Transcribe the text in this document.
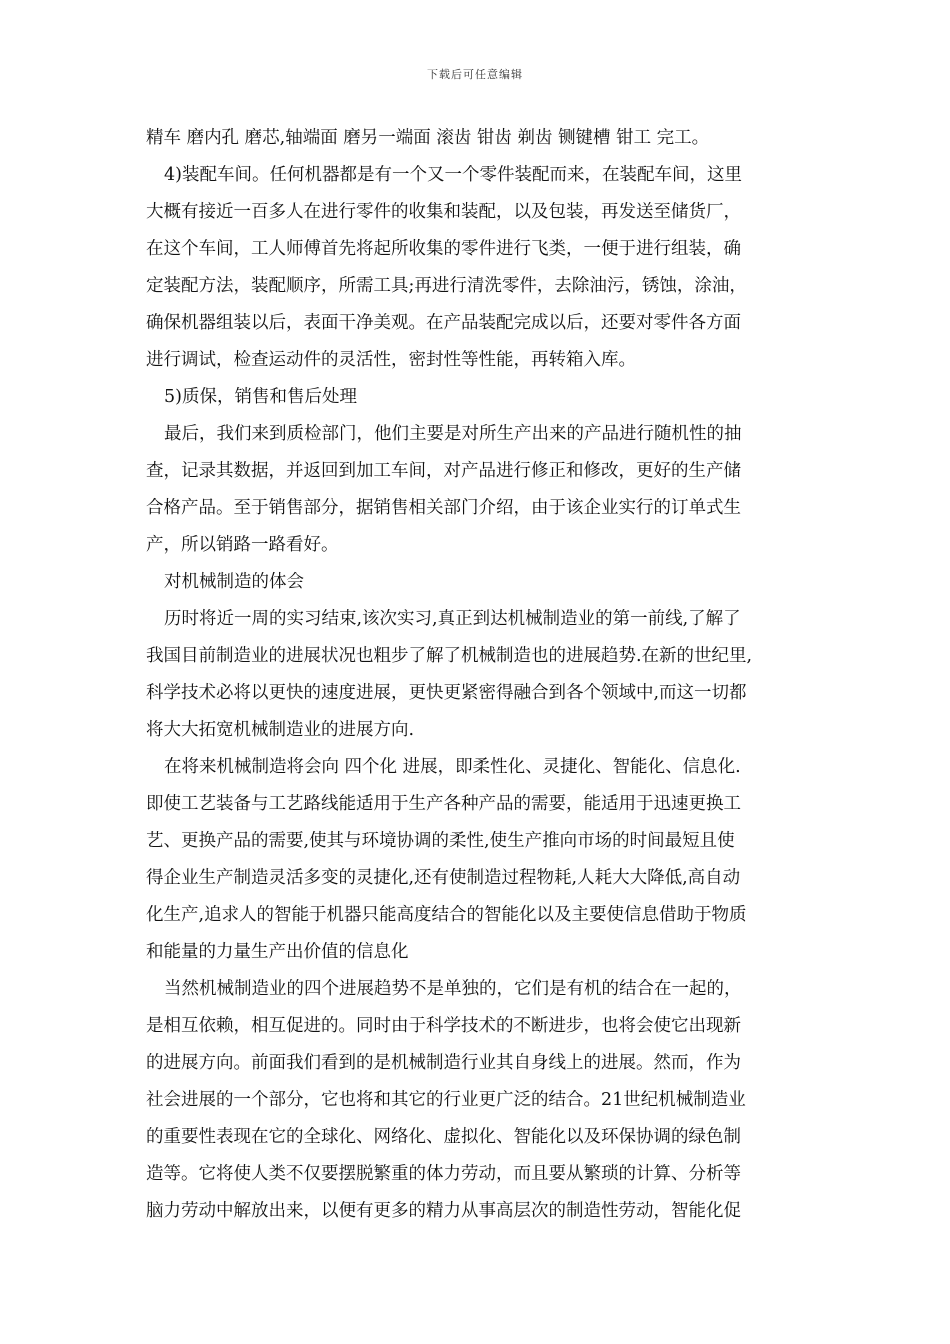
下载后可任意编辑
精车 磨内孔 磨芯,轴端面 磨另一端面 滚齿 钳齿 剃齿 铡键槽 钳工 完工。
4)装配车间。任何机器都是有一个又一个零件装配而来，在装配车间，这里
大概有接近一百多人在进行零件的收集和装配，以及包装，再发送至储货厂，
在这个车间，工人师傅首先将起所收集的零件进行飞类，一便于进行组装，确
定装配方法，装配顺序，所需工具;再进行清洗零件，去除油污，锈蚀，涂油，
确保机器组装以后，表面干净美观。在产品装配完成以后，还要对零件各方面
进行调试，检查运动件的灵活性，密封性等性能，再转箱入库。
5)质保，销售和售后处理
最后，我们来到质检部门，他们主要是对所生产出来的产品进行随机性的抽
查，记录其数据，并返回到加工车间，对产品进行修正和修改，更好的生产储
合格产品。至于销售部分，据销售相关部门介绍，由于该企业实行的订单式生
产，所以销路一路看好。
对机械制造的体会
历时将近一周的实习结束,该次实习,真正到达机械制造业的第一前线,了解了
我国目前制造业的进展状况也粗步了解了机械制造也的进展趋势.在新的世纪里,
科学技术必将以更快的速度进展，更快更紧密得融合到各个领域中,而这一切都
将大大拓宽机械制造业的进展方向.
在将来机械制造将会向 四个化 进展，即柔性化、灵捷化、智能化、信息化.
即使工艺装备与工艺路线能适用于生产各种产品的需要，能适用于迅速更换工
艺、更换产品的需要,使其与环境协调的柔性,使生产推向市场的时间最短且使
得企业生产制造灵活多变的灵捷化,还有使制造过程物耗,人耗大大降低,高自动
化生产,追求人的智能于机器只能高度结合的智能化以及主要使信息借助于物质
和能量的力量生产出价值的信息化
当然机械制造业的四个进展趋势不是单独的，它们是有机的结合在一起的，
是相互依赖，相互促进的。同时由于科学技术的不断进步，也将会使它出现新
的进展方向。前面我们看到的是机械制造行业其自身线上的进展。然而，作为
社会进展的一个部分，它也将和其它的行业更广泛的结合。21世纪机械制造业
的重要性表现在它的全球化、网络化、虚拟化、智能化以及环保协调的绿色制
造等。它将使人类不仅要摆脱繁重的体力劳动，而且要从繁琐的计算、分析等
脑力劳动中解放出来，以便有更多的精力从事高层次的制造性劳动，智能化促
